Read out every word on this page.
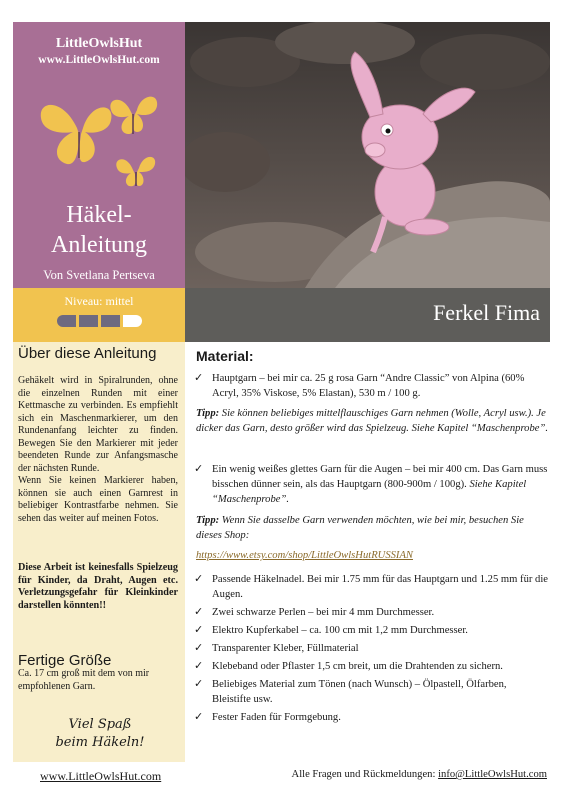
LittleOwlsHut
www.LittleOwlsHut.com
Häkel-
Anleitung
Von Svetlana Pertseva
Niveau: mittel	Ferkel Fima
Über diese Anleitung
Gehäkelt wird in Spiralrunden, ohne die einzelnen Runden mit einer Kettmasche zu verbinden. Es empfiehlt sich ein Maschenmarkierer, um den Rundenanfang leichter zu finden. Bewegen Sie den Markierer mit jeder beendeten Runde zur Anfangsmasche der nächsten Runde.
Wenn Sie keinen Markierer haben, können sie auch einen Garnrest in beliebiger Kontrastfarbe nehmen. Sie sehen das weiter auf meinen Fotos.
Diese Arbeit ist keinesfalls Spielzeug für Kinder, da Draht, Augen etc. Verletzungsgefahr für Kleinkinder darstellen könnten!!
Fertige Größe
Ca. 17 cm groß mit dem von mir empfohlenen Garn.
Viel Spaß
beim Häkeln!
Material:
✓ Hauptgarn – bei mir ca. 25 g rosa Garn “Andre Classic” von Alpina (60% Acryl, 35% Viskose, 5% Elastan), 530 m / 100 g.
Tipp: Sie können beliebiges mittelflauschiges Garn nehmen (Wolle, Acryl usw.). Je dicker das Garn, desto größer wird das Spielzeug. Siehe Kapitel “Maschenprobe”.
✓ Ein wenig weißes glettes Garn für die Augen – bei mir 400 cm. Das Garn muss bisschen dünner sein, als das Hauptgarn (800-900m / 100g). Siehe Kapitel “Maschenprobe”.
Tipp: Wenn Sie dasselbe Garn verwenden möchten, wie bei mir, besuchen Sie dieses Shop:
https://www.etsy.com/shop/LittleOwlsHutRUSSIAN
✓ Passende Häkelnadel. Bei mir 1.75 mm für das Hauptgarn und 1.25 mm für die Augen.
✓ Zwei schwarze Perlen – bei mir 4 mm Durchmesser.
✓ Elektro Kupferkabel – ca. 100 cm mit 1,2 mm Durchmesser.
✓ Transparenter Kleber, Füllmaterial
✓ Klebeband oder Pflaster 1,5 cm breit, um die Drahtenden zu sichern.
✓ Beliebiges Material zum Tönen (nach Wunsch) – Ölpastell, Ölfarben, Bleistifte usw.
✓ Fester Faden für Formgebung.
www.LittleOwlsHut.com	Alle Fragen und Rückmeldungen: info@LittleOwlsHut.com
